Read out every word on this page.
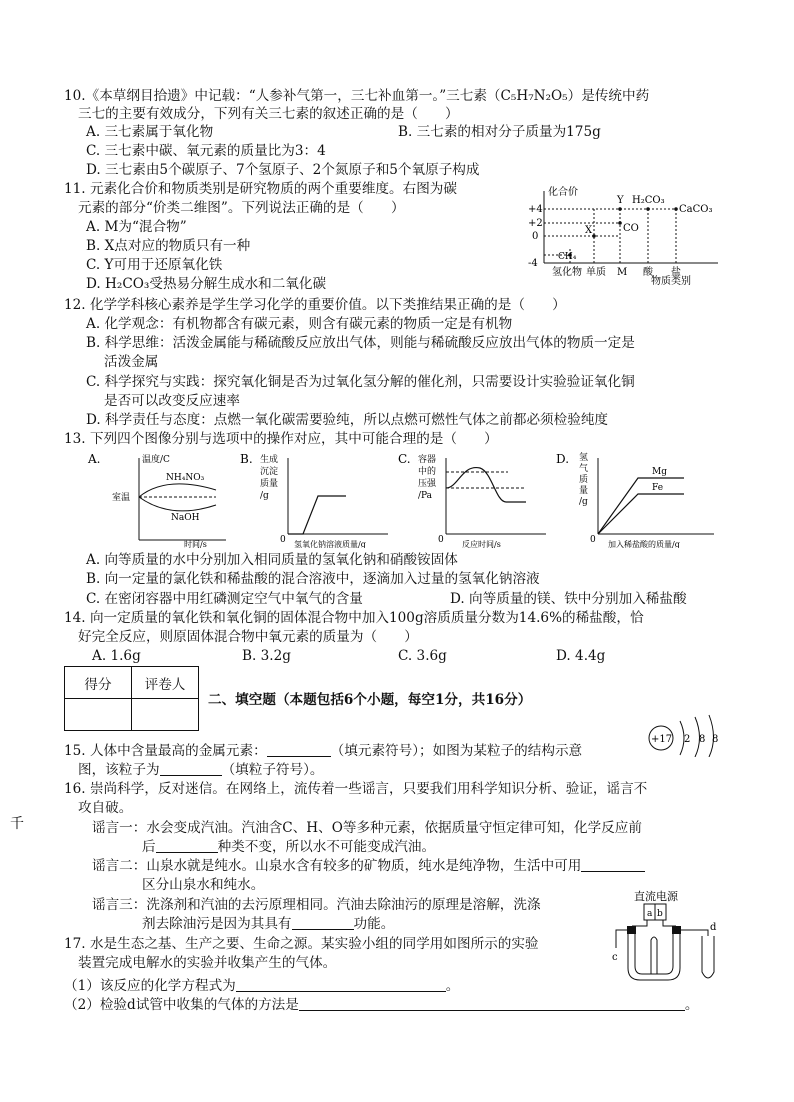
10.《本草纲目拾遗》中记载：“人参补气第一，三七补血第一。”三七素（C₅H₇N₂O₅）是传统中药
三七的主要有效成分，下列有关三七素的叙述正确的是（　　）
A. 三七素属于氧化物	B. 三七素的相对分子质量为175g
C. 三七素中碳、氧元素的质量比为3：4
D. 三七素由5个碳原子、7个氢原子、2个氮原子和5个氧原子构成
11. 元素化合价和物质类别是研究物质的两个重要维度。右图为碳
元素的部分“价类二维图”。下列说法正确的是（　　）
A. M为“混合物”
B. X点对应的物质只有一种
C. Y可用于还原氧化铁
D. H₂CO₃受热易分解生成水和二氧化碳
化合价
+4
+2
0
-4
Y H₂CO₃
CaCO₃
X	CO
CH₄
氢化物 单质 M 酸 盐
物质类别
12. 化学学科核心素养是学生学习化学的重要价值。以下类推结果正确的是（　　）
A. 化学观念：有机物都含有碳元素，则含有碳元素的物质一定是有机物
B. 科学思维：活泼金属能与稀硫酸反应放出气体，则能与稀硫酸反应放出气体的物质一定是
活泼金属
C. 科学探究与实践：探究氧化铜是否为过氧化氢分解的催化剂，只需要设计实验验证氧化铜
是否可以改变反应速率
D. 科学责任与态度：点燃一氧化碳需要验纯，所以点燃可燃性气体之前都必须检验纯度
13. 下列四个图像分别与选项中的操作对应，其中可能合理的是（　　）
A.	温度/C
室温
NH₄NO₃
NaOH
时间/s
B. 生成
沉淀
质量
/g
0 氢氧化钠溶液质量/g
C. 容器
中的
压强
/Pa
0 反应时间/s
D. 氢
气
质
量
/g
0
Mg
Fe
加入稀盐酸的质量/g
A. 向等质量的水中分别加入相同质量的氢氧化钠和硝酸铵固体
B. 向一定量的氯化铁和稀盐酸的混合溶液中，逐滴加入过量的氢氧化钠溶液
C. 在密闭容器中用红磷测定空气中氧气的含量	D. 向等质量的镁、铁中分别加入稀盐酸
14. 向一定质量的氧化铁和氧化铜的固体混合物中加入100g溶质质量分数为14.6%的稀盐酸，恰
好完全反应，则原固体混合物中氧元素的质量为（　　）
A. 1.6g	B. 3.2g	C. 3.6g	D. 4.4g
得分	评卷人

二、填空题（本题包括6个小题，每空1分，共16分）
15. 人体中含量最高的金属元素：	（填元素符号）；如图为某粒子的结构示意
图，该粒子为	（填粒子符号）。
+17 2 8 8
16. 崇尚科学，反对迷信。在网络上，流传着一些谣言，只要我们用科学知识分析、验证，谣言不
攻自破。
谣言一：水会变成汽油。汽油含C、H、O等多种元素，依据质量守恒定律可知，化学反应前
后	种类不变，所以水不可能变成汽油。
谣言二：山泉水就是纯水。山泉水含有较多的矿物质，纯水是纯净物，生活中可用
区分山泉水和纯水。
谣言三：洗涤剂和汽油的去污原理相同。汽油去除油污的原理是溶解，洗涤
剂去除油污是因为其具有	功能。
直流电源
a b
d
c
17. 水是生态之基、生产之要、生命之源。某实验小组的同学用如图所示的实验
装置完成电解水的实验并收集产生的气体。
（1）该反应的化学方程式为	。
（2）检验d试管中收集的气体的方法是	。
千
